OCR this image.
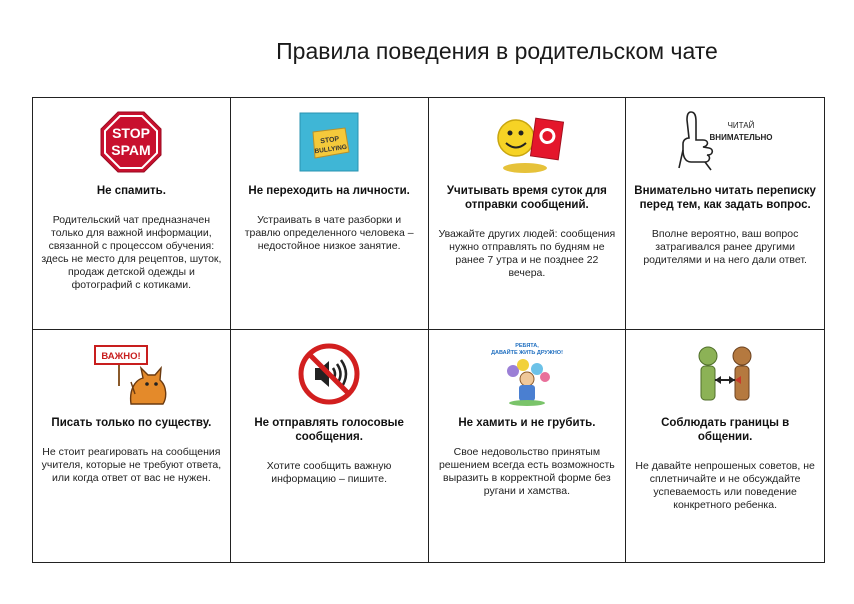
Правила поведения в родительском чате
STOP
SPAM
Не спамить.
Родительский чат предназначен только для важной информации, связанной с процессом обучения: здесь не место для рецептов, шуток, продаж детской одежды и фотографий с котиками.
STOP
BULLYING
Не переходить на личности.
Устраивать в чате разборки и травлю определенного человека – недостойное низкое занятие.
Учитывать время суток для отправки сообщений.
Уважайте других людей: сообщения нужно отправлять по будням не ранее 7 утра и не позднее 22 вечера.
ЧИТАЙ
ВНИМАТЕЛЬНО
Внимательно читать переписку перед тем, как задать вопрос.
Вполне вероятно, ваш вопрос затрагивался ранее другими родителями и на него дали ответ.
ВАЖНО!
Писать только по существу.
Не стоит реагировать на сообщения учителя, которые не требуют ответа, или когда ответ от вас не нужен.
Не отправлять голосовые сообщения.
Хотите сообщить важную информацию – пишите.
РЕБЯТА,
ДАВАЙТЕ ЖИТЬ ДРУЖНО!
Не хамить и не грубить.
Свое недовольство принятым решением всегда есть возможность выразить в корректной форме без ругани и хамства.
Соблюдать границы в общении.
Не давайте непрошеных советов, не сплетничайте и не обсуждайте успеваемость или поведение конкретного ребенка.
